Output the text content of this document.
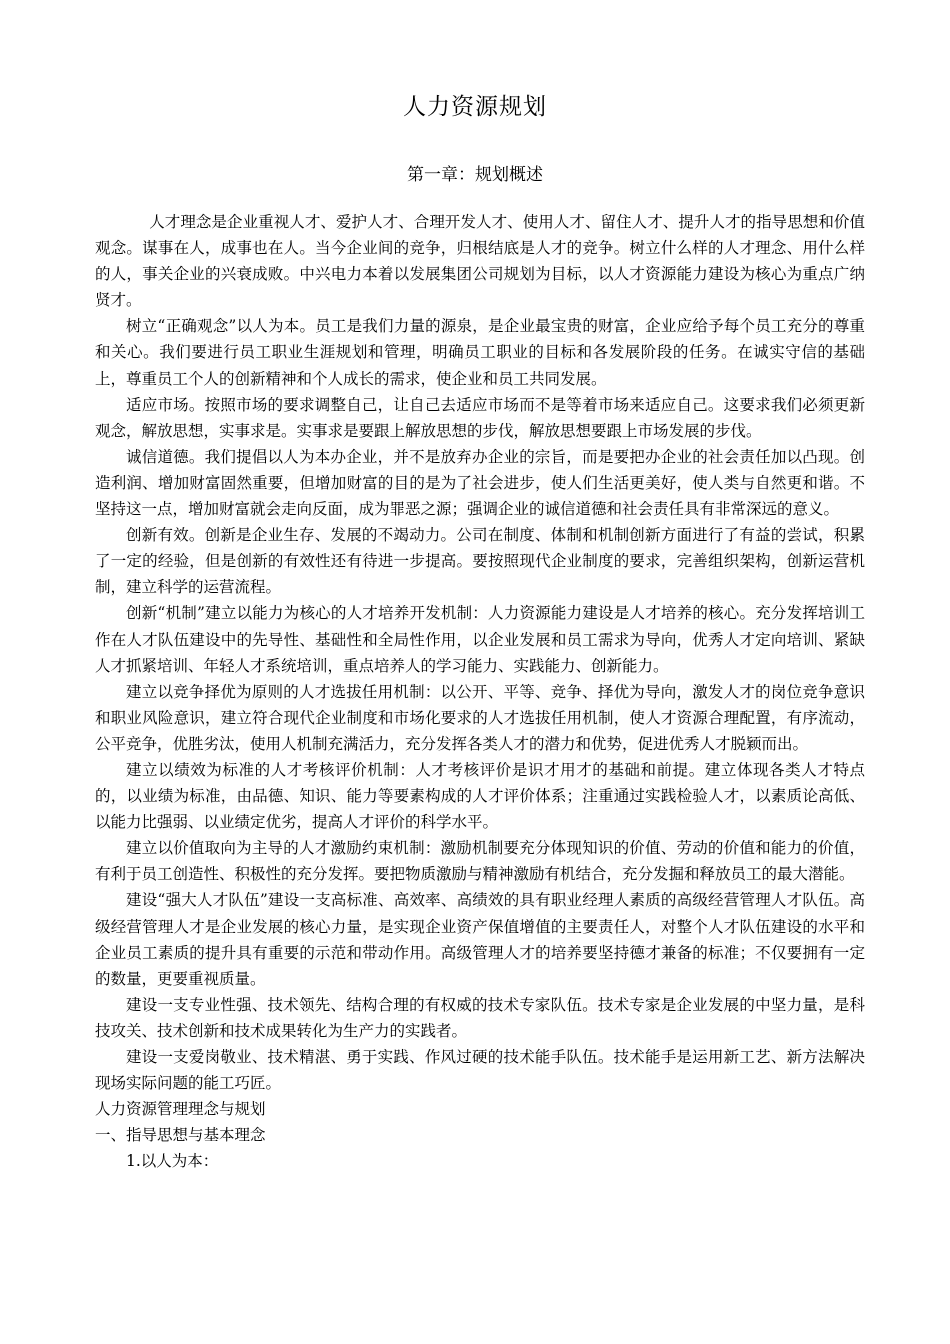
人力资源规划
第一章：规划概述

人才理念是企业重视人才、爱护人才、合理开发人才、使用人才、留住人才、提升人才的指导思想和价值观念。谋事在人，成事也在人。当今企业间的竞争，归根结底是人才的竞争。树立什么样的人才理念、用什么样的人，事关企业的兴衰成败。中兴电力本着以发展集团公司规划为目标，以人才资源能力建设为核心为重点广纳贤才。

树立“正确观念”以人为本。员工是我们力量的源泉，是企业最宝贵的财富，企业应给予每个员工充分的尊重和关心。我们要进行员工职业生涯规划和管理，明确员工职业的目标和各发展阶段的任务。在诚实守信的基础上，尊重员工个人的创新精神和个人成长的需求，使企业和员工共同发展。

适应市场。按照市场的要求调整自己，让自己去适应市场而不是等着市场来适应自己。这要求我们必须更新观念，解放思想，实事求是。实事求是要跟上解放思想的步伐，解放思想要跟上市场发展的步伐。

诚信道德。我们提倡以人为本办企业，并不是放弃办企业的宗旨，而是要把办企业的社会责任加以凸现。创造利润、增加财富固然重要，但增加财富的目的是为了社会进步，使人们生活更美好，使人类与自然更和谐。不坚持这一点，增加财富就会走向反面，成为罪恶之源；强调企业的诚信道德和社会责任具有非常深远的意义。

创新有效。创新是企业生存、发展的不竭动力。公司在制度、体制和机制创新方面进行了有益的尝试，积累了一定的经验，但是创新的有效性还有待进一步提高。要按照现代企业制度的要求，完善组织架构，创新运营机制，建立科学的运营流程。

创新“机制”建立以能力为核心的人才培养开发机制：人力资源能力建设是人才培养的核心。充分发挥培训工作在人才队伍建设中的先导性、基础性和全局性作用，以企业发展和员工需求为导向，优秀人才定向培训、紧缺人才抓紧培训、年轻人才系统培训，重点培养人的学习能力、实践能力、创新能力。

建立以竞争择优为原则的人才选拔任用机制：以公开、平等、竞争、择优为导向，激发人才的岗位竞争意识和职业风险意识，建立符合现代企业制度和市场化要求的人才选拔任用机制，使人才资源合理配置，有序流动，公平竞争，优胜劣汰，使用人机制充满活力，充分发挥各类人才的潜力和优势，促进优秀人才脱颖而出。

建立以绩效为标准的人才考核评价机制：人才考核评价是识才用才的基础和前提。建立体现各类人才特点的，以业绩为标准，由品德、知识、能力等要素构成的人才评价体系；注重通过实践检验人才，以素质论高低、以能力比强弱、以业绩定优劣，提高人才评价的科学水平。

建立以价值取向为主导的人才激励约束机制：激励机制要充分体现知识的价值、劳动的价值和能力的价值，有利于员工创造性、积极性的充分发挥。要把物质激励与精神激励有机结合，充分发掘和释放员工的最大潜能。

建设“强大人才队伍”建设一支高标准、高效率、高绩效的具有职业经理人素质的高级经营管理人才队伍。高级经营管理人才是企业发展的核心力量，是实现企业资产保值增值的主要责任人，对整个人才队伍建设的水平和企业员工素质的提升具有重要的示范和带动作用。高级管理人才的培养要坚持德才兼备的标准；不仅要拥有一定的数量，更要重视质量。

建设一支专业性强、技术领先、结构合理的有权威的技术专家队伍。技术专家是企业发展的中坚力量，是科技攻关、技术创新和技术成果转化为生产力的实践者。

建设一支爱岗敬业、技术精湛、勇于实践、作风过硬的技术能手队伍。技术能手是运用新工艺、新方法解决现场实际问题的能工巧匠。

人力资源管理理念与规划

一、指导思想与基本理念

1.以人为本：
